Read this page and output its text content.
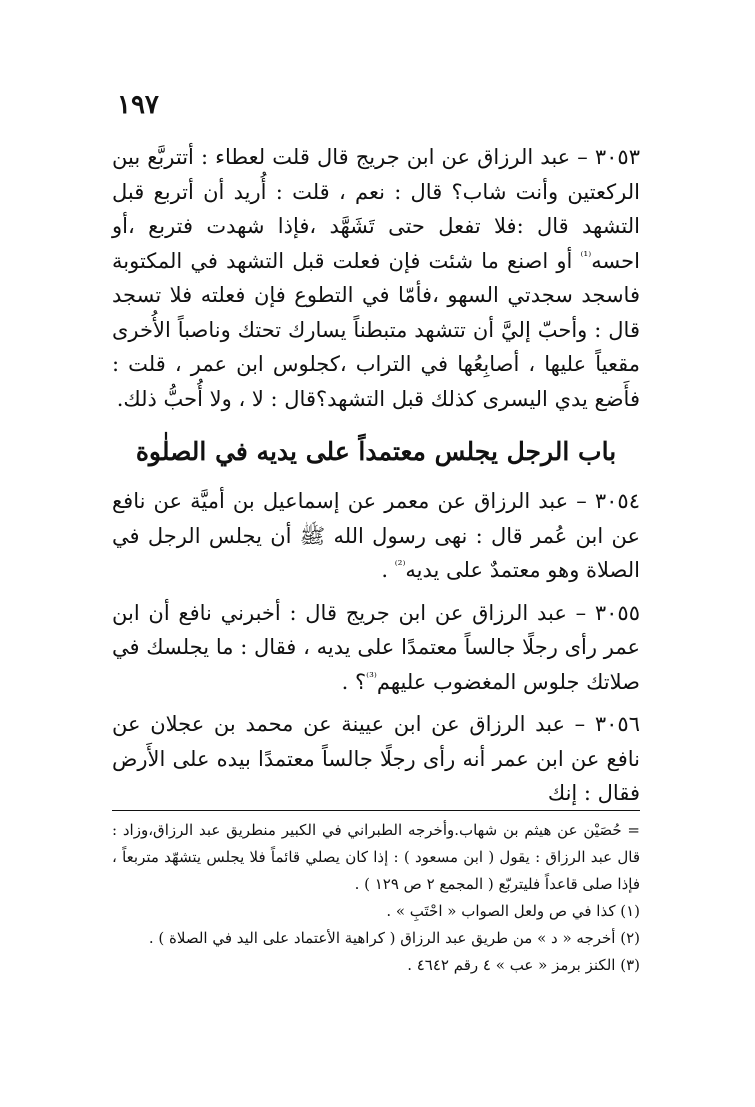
١٩٧

٣٠٥٣ – عبد الرزاق عن ابن جريج قال قلت لعطاء : أتتربَّع بين الركعتين وأنت شاب؟ قال : نعم ، قلت : أُريد أن أتربع قبل التشهد قال :فلا تفعل حتى تَشَهَّد ،فإذا شهدت فتربع ،أو احسه$^{^{(1)}}$ أو اصنع ما شئت فإن فعلت قبل التشهد في المكتوبة فاسجد سجدتي السهو ،فأمّا في التطوع فإن فعلته فلا تسجد قال : وأحبّ إليَّ أن تتشهد متبطناً يسارك تحتك وناصباً الأُخرى مقعياً عليها ، أصابِعُها في التراب ،كجلوس ابن عمر ، قلت : فأَضع يدي اليسرى كذلك قبل التشهد؟قال : لا ، ولا أُحبُّ ذلك.

باب الرجل يجلس معتمداً على يديه في الصلٰوة

٣٠٥٤ – عبد الرزاق عن معمر عن إسماعيل بن أميَّة عن نافع عن ابن عُمر قال : نهى رسول الله ﷺ أن يجلس الرجل في الصلاة وهو معتمدٌ على يديه$^{^{(2)}}$ .

٣٠٥٥ – عبد الرزاق عن ابن جريج قال : أخبرني نافع أن ابن عمر رأى رجلًا جالساً معتمدًا على يديه ، فقال : ما يجلسك في صلاتك جلوس المغضوب عليهم$^{^{(3)}}$؟ .

٣٠٥٦ – عبد الرزاق عن ابن عيينة عن محمد بن عجلان عن نافع عن ابن عمر أنه رأى رجلًا جالساً معتمدًا بيده على الأَرض فقال : إنك

= حُصَيْن عن هيثم بن شهاب.وأخرجه الطبراني في الكبير منطريق عبد الرزاق،وزاد : قال عبد الرزاق : يقول ( ابن مسعود ) : إذا كان يصلي قائماً فلا يجلس يتشهّد متربعاً ، فإذا صلى قاعداً فليتربّع ( المجمع ٢ ص ١٢٩ ) .

(١) كذا في ص ولعل الصواب « احْتَبِ » .

(٢) أخرجه « د » من طريق عبد الرزاق ( كراهية الأعتماد على اليد في الصلاة ) .

(٣) الكنز برمز « عب » ٤ رقم ٤٦٤٢ .
